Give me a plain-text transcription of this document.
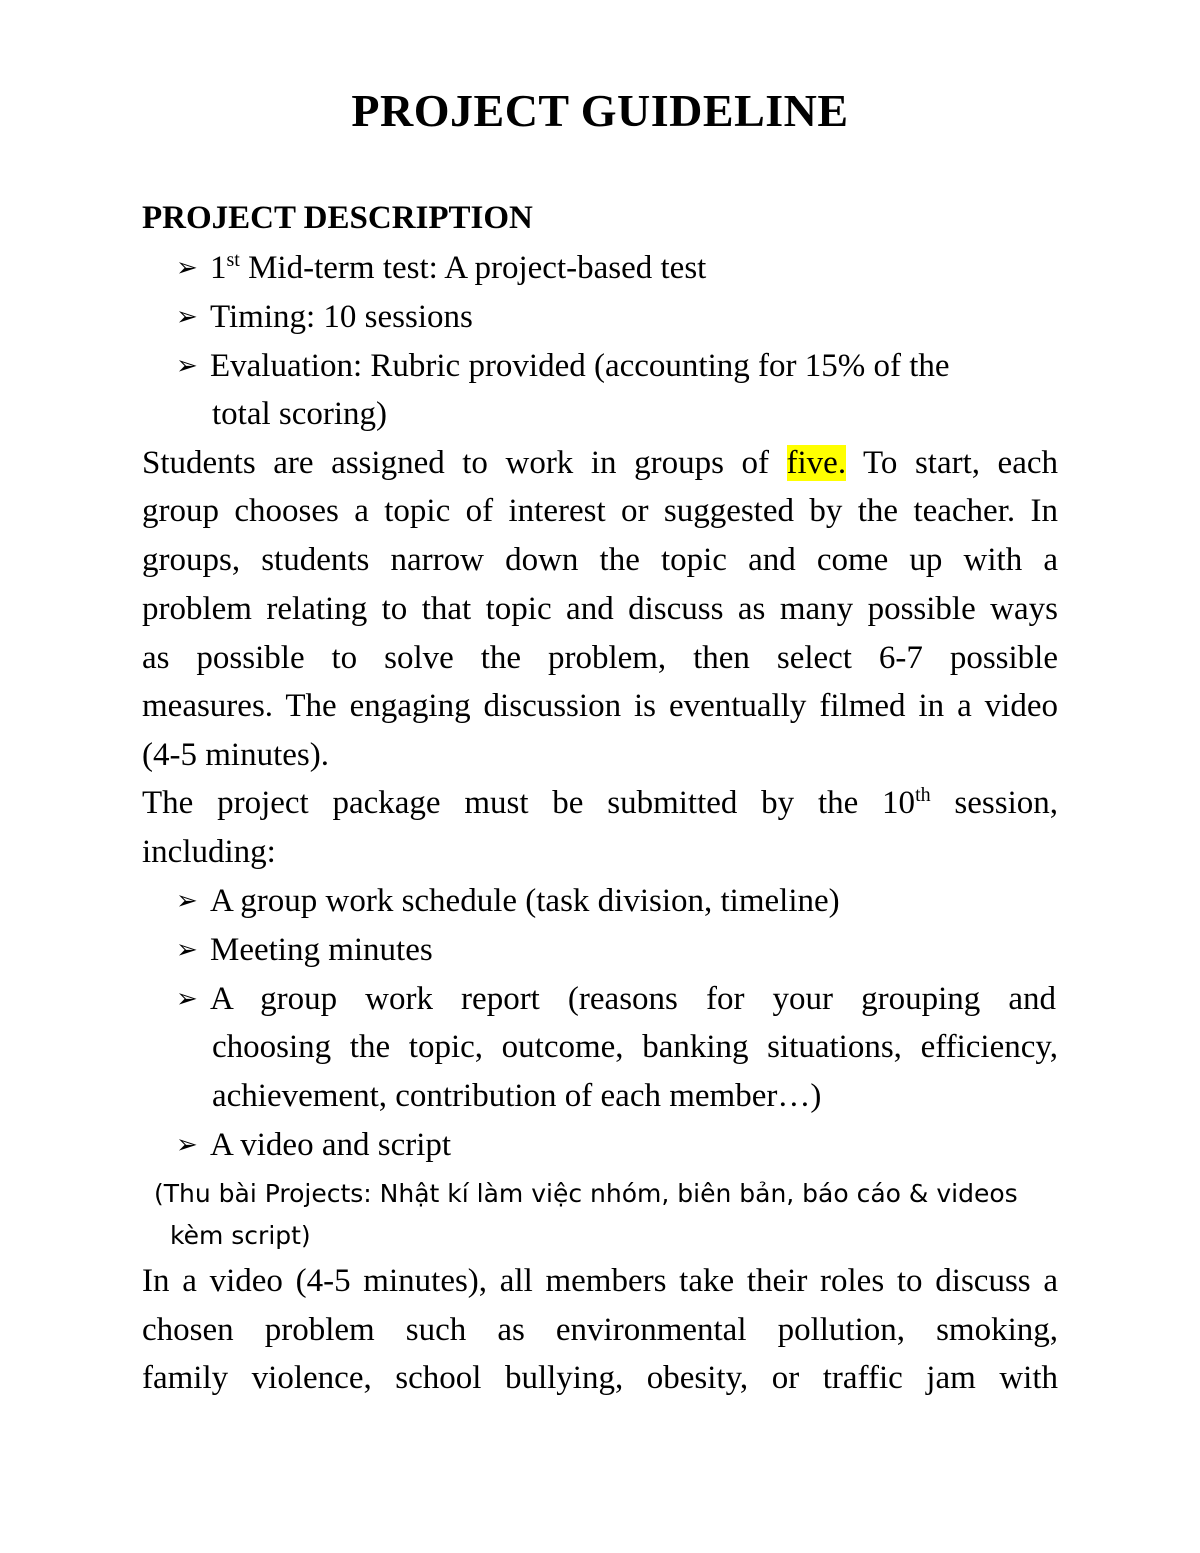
PROJECT GUIDELINE
PROJECT DESCRIPTION
➢ 1st Mid-term test: A project-based test
➢ Timing: 10 sessions
➢ Evaluation: Rubric provided (accounting for 15% of the
total scoring)
Students are assigned to work in groups of five. To start, each
group chooses a topic of interest or suggested by the teacher. In
groups, students narrow down the topic and come up with a
problem relating to that topic and discuss as many possible ways
as possible to solve the problem, then select 6-7 possible
measures. The engaging discussion is eventually filmed in a video
(4-5 minutes).
The project package must be submitted by the 10th session,
including:
➢ A group work schedule (task division, timeline)
➢ Meeting minutes
➢ A group work report (reasons for your grouping and
choosing the topic, outcome, banking situations, efficiency,
achievement, contribution of each member…)
➢ A video and script
(Thu bài Projects: Nhật kí làm việc nhóm, biên bản, báo cáo & videos
kèm script)
In a video (4-5 minutes), all members take their roles to discuss a
chosen problem such as environmental pollution, smoking,
family violence, school bullying, obesity, or traffic jam with
